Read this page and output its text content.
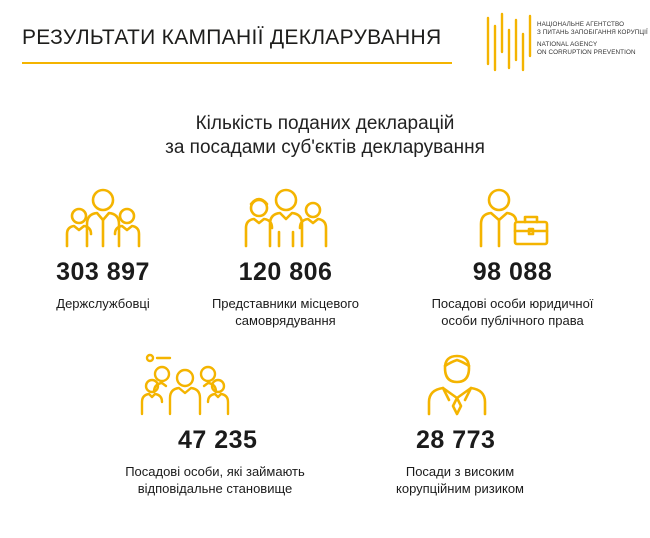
РЕЗУЛЬТАТИ КАМПАНІЇ ДЕКЛАРУВАННЯ
НАЦІОНАЛЬНЕ АГЕНТСТВО
З ПИТАНЬ ЗАПОБІГАННЯ КОРУПЦІЇ
NATIONAL AGENCY
ON CORRUPTION PREVENTION
Кількість поданих декларацій
за посадами суб'єктів декларування
303 897
Держслужбовці
120 806
Представники місцевого
самоврядування
98 088
Посадові особи юридичної
особи публічного права
47 235
Посадові особи, які займають
відповідальне становище
28 773
Посади з високим
корупційним ризиком
